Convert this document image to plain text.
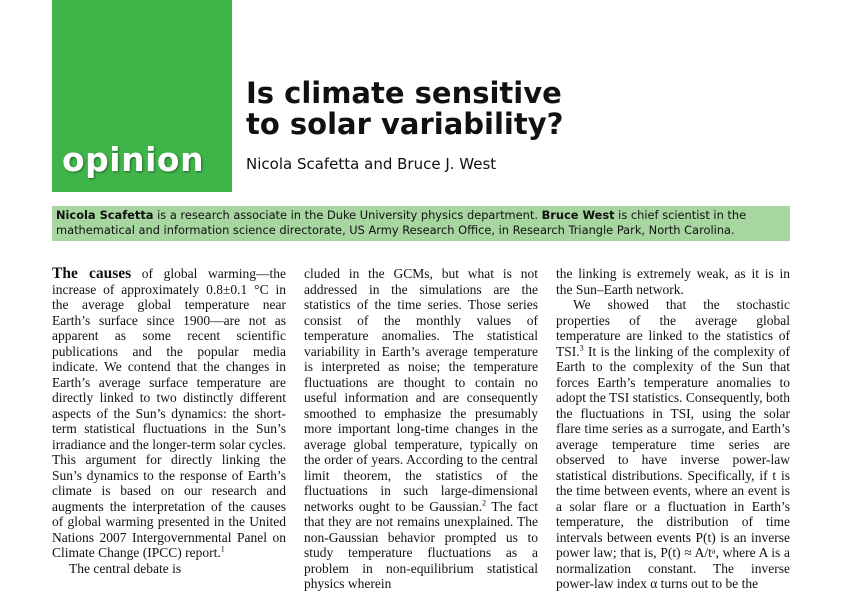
opinion
Is climate sensitive
to solar variability?
Nicola Scafetta and Bruce J. West
Nicola Scafetta is a research associate in the Duke University physics department. Bruce West is chief scientist in the mathematical and information science directorate, US Army Research Office, in Research Triangle Park, North Carolina.

The causes of global warming—the increase of approximately 0.8±0.1 °C in the average global temperature near Earth’s surface since 1900—are not as apparent as some recent scientific publications and the popular media indicate. We contend that the changes in Earth’s average surface temperature are directly linked to two distinctly different aspects of the Sun’s dynamics: the short-term statistical fluctuations in the Sun’s irradiance and the longer-term solar cycles. This argument for directly linking the Sun’s dynamics to the response of Earth’s climate is based on our research and augments the interpretation of the causes of global warming presented in the United Nations 2007 Intergovernmental Panel on Climate Change (IPCC) report.$^1$

The central debate is

cluded in the GCMs, but what is not addressed in the simulations are the statistics of the time series. Those series consist of the monthly values of temperature anomalies. The statistical variability in Earth’s average temperature is interpreted as noise; the temperature fluctuations are thought to contain no useful information and are consequently smoothed to emphasize the presumably more important long-time changes in the average global temperature, typically on the order of years. According to the central limit theorem, the statistics of the fluctuations in such large-dimensional networks ought to be Gaussian.$^2$ The fact that they are not remains unexplained. The non-Gaussian behavior prompted us to study temperature fluctuations as a problem in non-equilibrium statistical physics wherein

the linking is extremely weak, as it is in the Sun–Earth network.

We showed that the stochastic properties of the average global temperature are linked to the statistics of TSI.$^3$ It is the linking of the complexity of Earth to the complexity of the Sun that forces Earth’s temperature anomalies to adopt the TSI statistics. Consequently, both the fluctuations in TSI, using the solar flare time series as a surrogate, and Earth’s average temperature time series are observed to have inverse power-law statistical distributions. Specifically, if t is the time between events, where an event is a solar flare or a fluctuation in Earth’s temperature, the distribution of time intervals between events P(t) is an inverse power law; that is, P(t) ≈ A/tᵃ, where A is a normalization constant. The inverse power-law index α turns out to be the
